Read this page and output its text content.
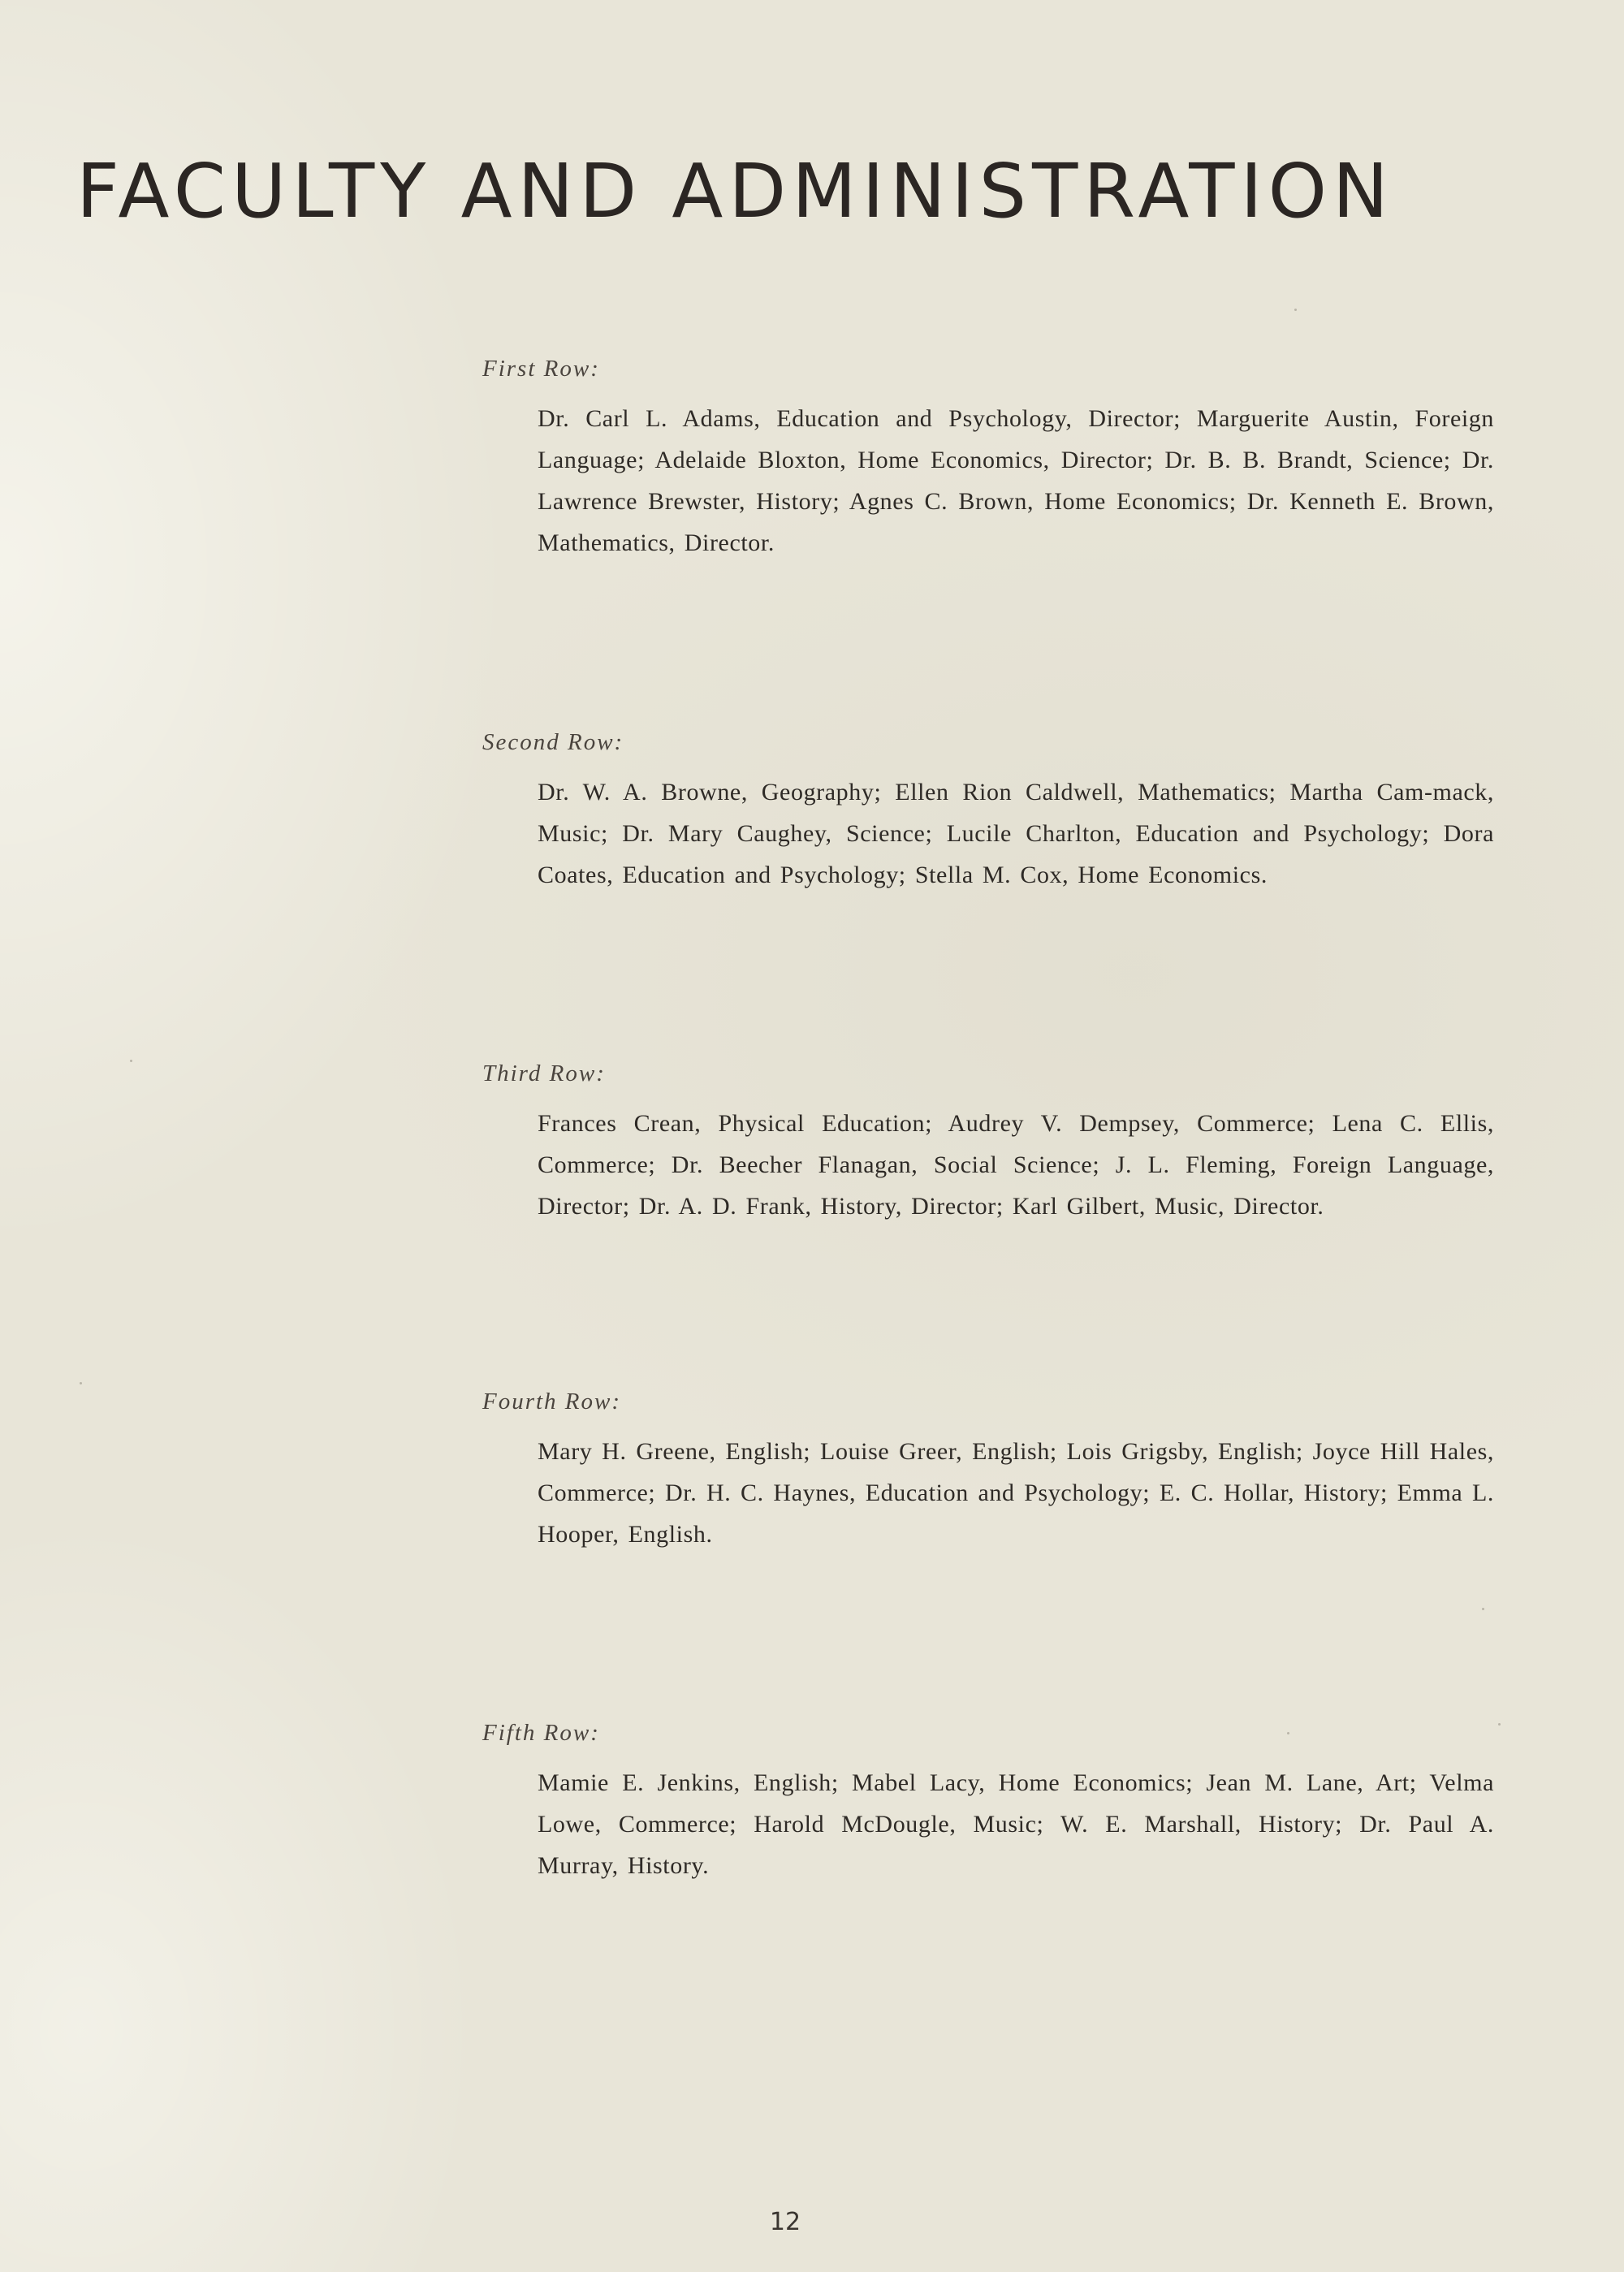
FACULTY AND ADMINISTRATION

First Row:

Dr. Carl L. Adams, Education and Psychology, Director; Marguerite Austin, Foreign Language; Adelaide Bloxton, Home Economics, Director; Dr. B. B. Brandt, Science; Dr. Lawrence Brewster, History; Agnes C. Brown, Home Economics; Dr. Kenneth E. Brown, Mathematics, Director.

Second Row:

Dr. W. A. Browne, Geography; Ellen Rion Caldwell, Mathematics; Martha Cam-mack, Music; Dr. Mary Caughey, Science; Lucile Charlton, Education and Psychology; Dora Coates, Education and Psychology; Stella M. Cox, Home Economics.

Third Row:

Frances Crean, Physical Education; Audrey V. Dempsey, Commerce; Lena C. Ellis, Commerce; Dr. Beecher Flanagan, Social Science; J. L. Fleming, Foreign Language, Director; Dr. A. D. Frank, History, Director; Karl Gilbert, Music, Director.

Fourth Row:

Mary H. Greene, English; Louise Greer, English; Lois Grigsby, English; Joyce Hill Hales, Commerce; Dr. H. C. Haynes, Education and Psychology; E. C. Hollar, History; Emma L. Hooper, English.

Fifth Row:

Mamie E. Jenkins, English; Mabel Lacy, Home Economics; Jean M. Lane, Art; Velma Lowe, Commerce; Harold McDougle, Music; W. E. Marshall, History; Dr. Paul A. Murray, History.

12
